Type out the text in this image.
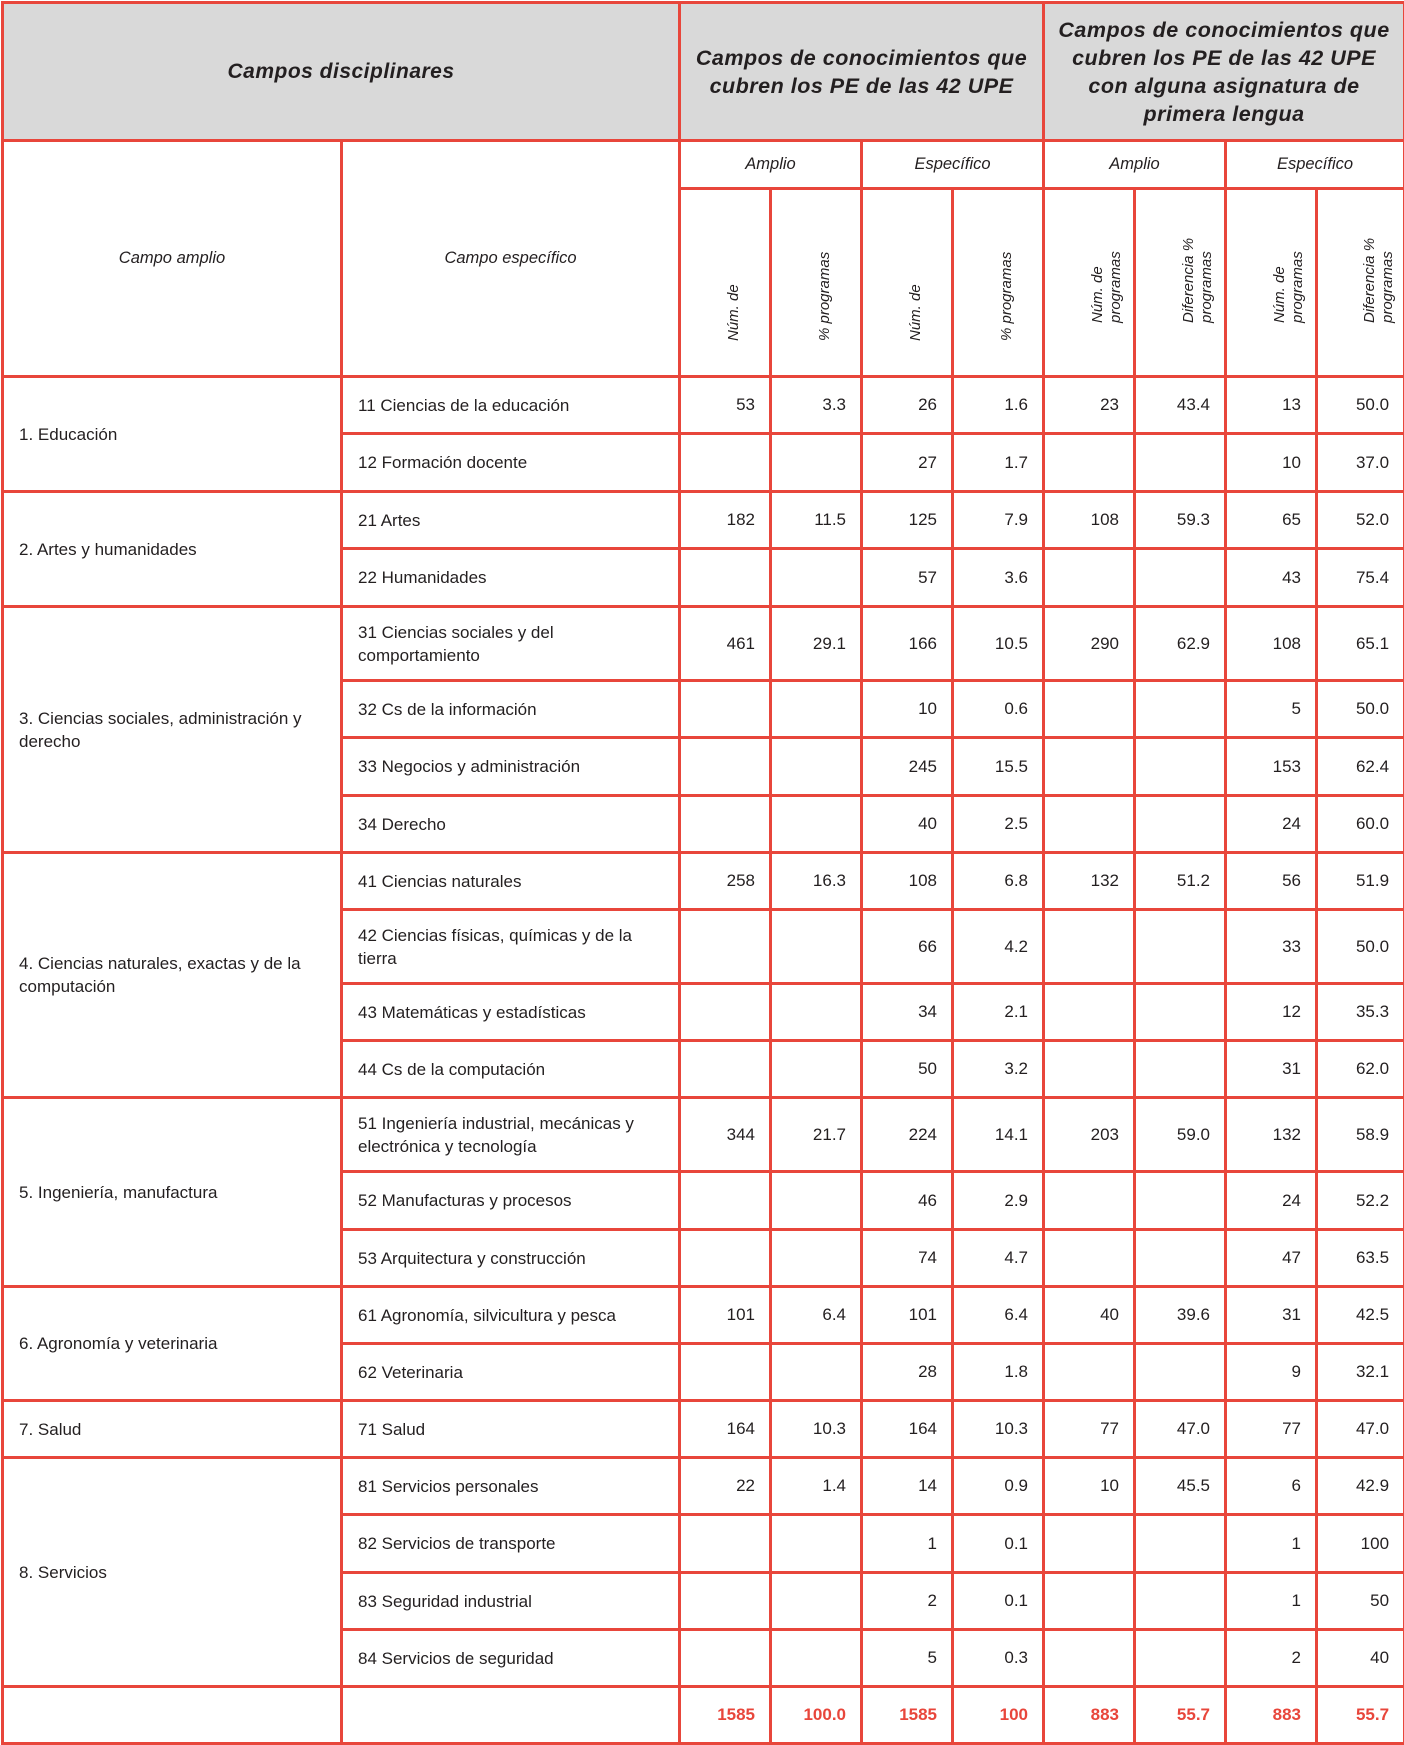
Campos disciplinares		Campos de conocimientos que cubren los PE de las 42 UPE				Campos de conocimientos que cubren los PE de las 42 UPE con alguna asignatura de primera lengua			
Campo amplio	Campo específico	Amplio		Específico		Amplio		Específico	

		Núm. de	% programas	Núm. de	% programas	Núm. de programas	Diferencia % programas	Núm. de programas	Diferencia % programas

1. Educación	11 Ciencias de la educación	53	3.3	26	1.6	23	43.4	13	50.0
	12 Formación docente			27	1.7			10	37.0
2. Artes y humanidades	21 Artes	182	11.5	125	7.9	108	59.3	65	52.0
	22 Humanidades			57	3.6			43	75.4
3. Ciencias sociales, administración y derecho	31 Ciencias sociales y del comportamiento	461	29.1	166	10.5	290	62.9	108	65.1
	32 Cs de la información			10	0.6			5	50.0
	33 Negocios y administración			245	15.5			153	62.4
	34 Derecho			40	2.5			24	60.0
4. Ciencias naturales, exactas y de la computación	41 Ciencias naturales	258	16.3	108	6.8	132	51.2	56	51.9
	42 Ciencias físicas, químicas y de la tierra			66	4.2			33	50.0
	43 Matemáticas y estadísticas			34	2.1			12	35.3
	44 Cs de la computación			50	3.2			31	62.0
5. Ingeniería, manufactura	51 Ingeniería industrial, mecánicas y electrónica y tecnología	344	21.7	224	14.1	203	59.0	132	58.9
	52 Manufacturas y procesos			46	2.9			24	52.2
	53 Arquitectura y construcción			74	4.7			47	63.5
6. Agronomía y veterinaria	61 Agronomía, silvicultura y pesca	101	6.4	101	6.4	40	39.6	31	42.5
	62 Veterinaria			28	1.8			9	32.1
7. Salud	71 Salud	164	10.3	164	10.3	77	47.0	77	47.0
8. Servicios	81 Servicios personales	22	1.4	14	0.9	10	45.5	6	42.9
	82 Servicios de transporte			1	0.1			1	100
	83 Seguridad industrial			2	0.1			1	50
	84 Servicios de seguridad			5	0.3			2	40
		1585	100.0	1585	100	883	55.7	883	55.7
